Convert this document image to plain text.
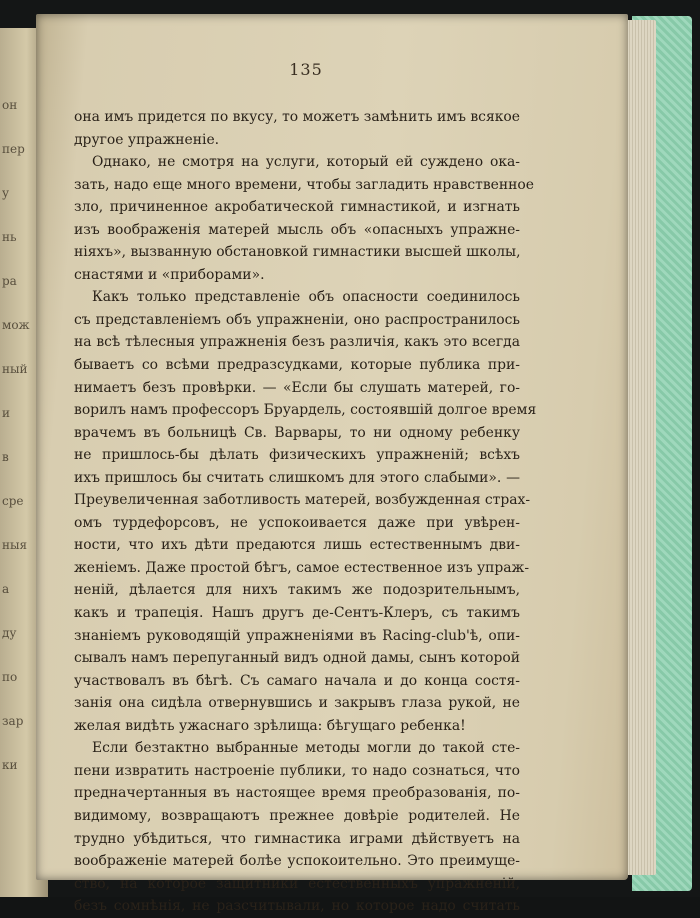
он
пер
у
нь
ра
мож
ный
и
в
сре
ныя
а
ду
по
зар
ки
135
она имъ придется по вкусу, то можетъ замѣнить имъ всякое
другое упражненіе.
Однако, не смотря на услуги, который ей суждено ока-
зать, надо еще много времени, чтобы загладить нравственное
зло, причиненное акробатической гимнастикой, и изгнать
изъ воображенія матерей мысль объ «опасныхъ упражне-
ніяхъ», вызванную обстановкой гимнастики высшей школы,
снастями и «приборами».
Какъ только представленіе объ опасности соединилось
съ представленіемъ объ упражненіи, оно распространилось
на всѣ тѣлесныя упражненія безъ различія, какъ это всегда
бываетъ со всѣми предразсудками, которые публика при-
нимаетъ безъ провѣрки. — «Если бы слушать матерей, го-
ворилъ намъ профессоръ Бруардель, состоявшій долгое время
врачемъ въ больницѣ Св. Варвары, то ни одному ребенку
не пришлось-бы дѣлать физическихъ упражненій; всѣхъ
ихъ пришлось бы считать слишкомъ для этого слабыми». —
Преувеличенная заботливость матерей, возбужденная страх-
омъ турдефорсовъ, не успокоивается даже при увѣрен-
ности, что ихъ дѣти предаются лишь естественнымъ дви-
женіемъ. Даже простой бѣгъ, самое естественное изъ упраж-
неній, дѣлается для нихъ такимъ же подозрительнымъ,
какъ и трапеція. Нашъ другъ де-Сентъ-Клеръ, съ такимъ
знаніемъ руководящій упражненіями въ Racing-club'ѣ, опи-
сывалъ намъ перепуганный видъ одной дамы, сынъ которой
участвовалъ въ бѣгѣ. Съ самаго начала и до конца состя-
занія она сидѣла отвернувшись и закрывъ глаза рукой, не
желая видѣть ужаснаго зрѣлища: бѣгущаго ребенка!
Если безтактно выбранные методы могли до такой сте-
пени извратить настроеніе публики, то надо сознаться, что
предначертанныя въ настоящее время преобразованія, по-
видимому, возвращаютъ прежнее довѣріе родителей. Не
трудно убѣдиться, что гимнастика играми дѣйствуетъ на
воображеніе матерей болѣе успокоительно. Это преимуще-
ство, на которое защитники естественныхъ упражненій,
безъ сомнѣнія, не разсчитывали, но которое надо считать
